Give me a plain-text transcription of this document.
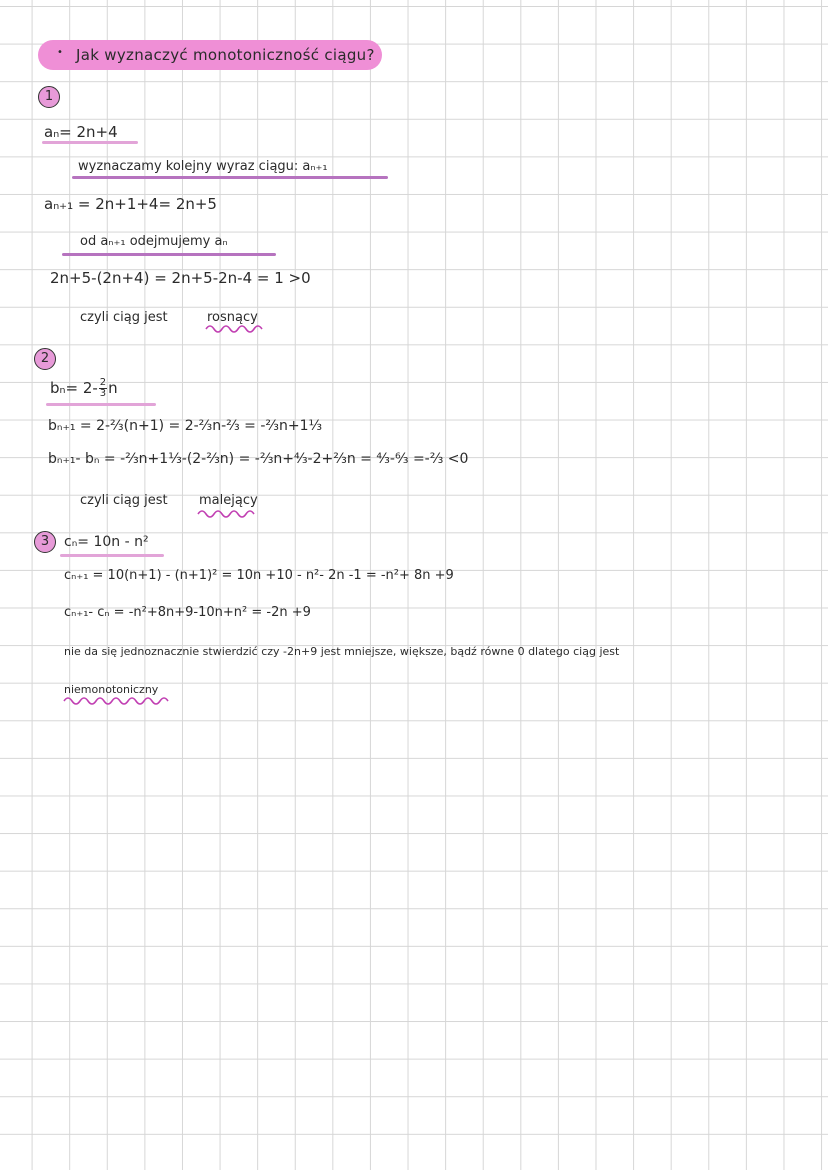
• Jak wyznaczyć monotoniczność ciągu?
1
aₙ= 2n+4
wyznaczamy kolejny wyraz ciągu: aₙ₊₁
aₙ₊₁ = 2n+1+4= 2n+5
od aₙ₊₁ odejmujemy aₙ
2n+5-(2n+4) = 2n+5-2n-4 = 1 >0
czyli ciąg jest	rosnący
2
$b_n= 2- \frac{2}{3}$ n
bₙ₊₁ = 2-⅔(n+1) = 2-⅔n-⅔ = -⅔n+1⅓
bₙ₊₁- bₙ = -⅔n+1⅓-(2-⅔n) = -⅔n+⁴⁄₃-2+⅔n = ⁴⁄₃-⁶⁄₃ =-⅔ <0
czyli ciąg jest malejący
3	cₙ= 10n - n²
cₙ₊₁ = 10(n+1) - (n+1)² = 10n +10 - n²- 2n -1 = -n²+ 8n +9
cₙ₊₁- cₙ = -n²+8n+9-10n+n² = -2n +9
nie da się jednoznacznie stwierdzić czy -2n+9 jest mniejsze, większe, bądź równe 0 dlatego ciąg jest
niemonotoniczny
